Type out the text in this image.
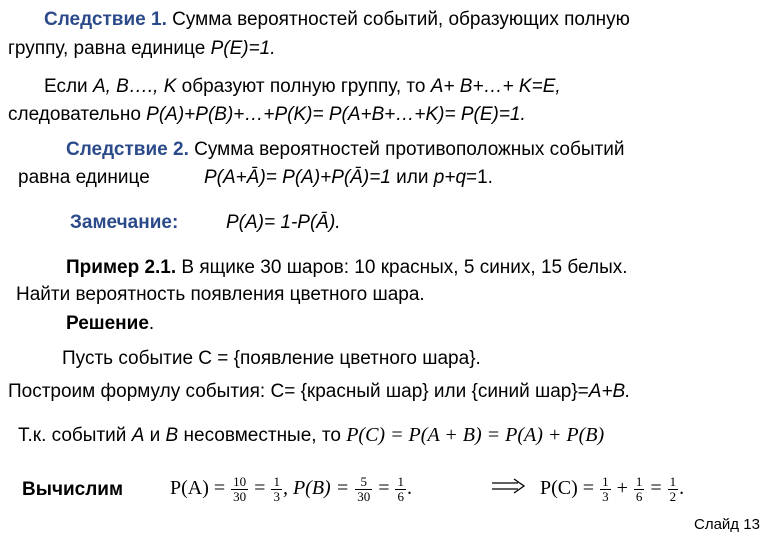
Следствие 1. Сумма вероятностей событий, образующих полную
группу, равна единице P(E)=1.
Если A, B…., K образуют полную группу, то A+ B+…+ K=E,
следовательно P(A)+P(B)+…+P(K)= P(A+B+…+K)= P(E)=1.
Следствие 2. Сумма вероятностей противоположных событий
равна единице	P(A+Ā)= P(A)+P(Ā)=1 или p+q=1.
Замечание:	P(A)= 1-P(Ā).
Пример 2.1. В ящике 30 шаров: 10 красных, 5 синих, 15 белых.
Найти вероятность появления цветного шара.
Решение.
Пусть событие С = {появление цветного шара}.
Построим формулу события: С= {красный шар} или {синий шар}=A+B.
Т.к. событий A и B несовместные, то P(C) = P(A + B) = P(A) + P(B)
Вычислим $P(A) = \frac{10}{30} = \frac{1}{3}$ , $P(B) = \frac{5}{30} = \frac{1}{6}$ .	$P(C) = \frac{1}{3} + \frac{1}{6} = \frac{1}{2}$ .
Слайд 13
